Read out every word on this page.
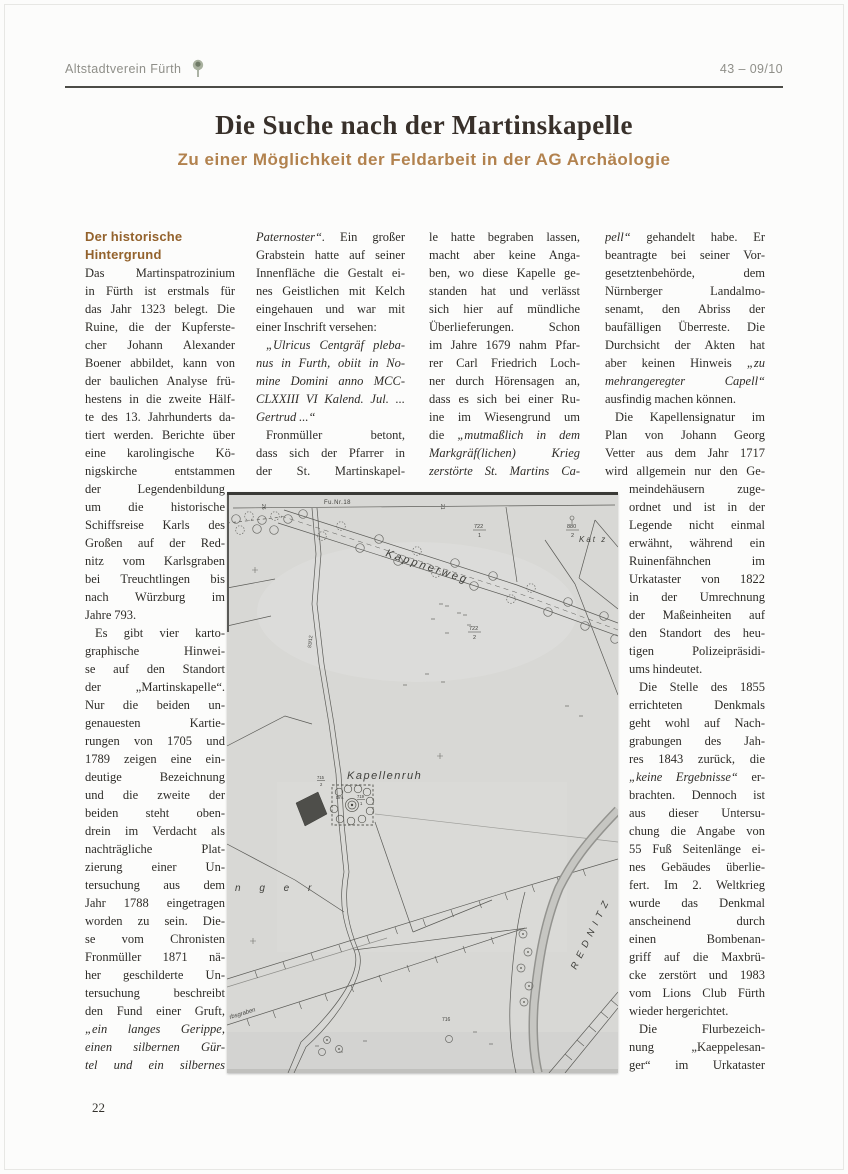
Altstadtverein Fürth	43 – 09/10
Die Suche nach der Martinskapelle
Zu einer Möglichkeit der Feldarbeit in der AG Archäologie
Der historische Hintergrund
Das Martinspatrozinium
in Fürth ist erstmals für
das Jahr 1323 belegt. Die
Ruine, die der Kupferste-
cher Johann Alexander
Boener abbildet, kann von
der baulichen Analyse frü-
hestens in die zweite Hälf-
te des 13. Jahrhunderts da-
tiert werden. Berichte über
eine karolingische Kö-
nigskirche entstammen
der Legendenbildung
um die historische
Schiffsreise Karls des
Großen auf der Red-
nitz vom Karlsgraben
bei Treuchtlingen bis
nach Würzburg im
Jahre 793.
Es gibt vier karto-
graphische Hinwei-
se auf den Standort
der „Martinskapelle“.
Nur die beiden un-
genauesten Kartie-
rungen von 1705 und
1789 zeigen eine ein-
deutige Bezeichnung
und die zweite der
beiden steht oben-
drein im Verdacht als
nachträgliche Plat-
zierung einer Un-
tersuchung aus dem
Jahr 1788 eingetragen
worden zu sein. Die-
se vom Chronisten
Fronmüller 1871 nä-
her geschilderte Un-
tersuchung beschreibt
den Fund einer Gruft,
„ein langes Gerippe,
einen silbernen Gür-
tel und ein silbernes
Paternoster“. Ein großer
Grabstein hatte auf seiner
Innenfläche die Gestalt ei-
nes Geistlichen mit Kelch
eingehauen und war mit
einer Inschrift versehen:
„Ulricus Centgräf pleba-
nus in Furth, obiit in No-
mine Domini anno MCC-
CLXXIII VI Kalend. Jul. ...
Gertrud ...“
Fronmüller betont,
dass sich der Pfarrer in
der St. Martinskapel-
le hatte begraben lassen,
macht aber keine Anga-
ben, wo diese Kapelle ge-
standen hat und verlässt
sich hier auf mündliche
Überlieferungen. Schon
im Jahre 1679 nahm Pfar-
rer Carl Friedrich Loch-
ner durch Hörensagen an,
dass es sich bei einer Ru-
ine im Wiesengrund um
die „mutmaßlich in dem
Markgräf(lichen) Krieg
zerstörte St. Martins Ca-
pell“ gehandelt habe. Er
beantragte bei seiner Vor-
gesetztenbehörde, dem
Nürnberger Landalmo-
senamt, den Abriss der
baufälligen Überreste. Die
Durchsicht der Akten hat
aber keinen Hinweis „zu
mehrangeregter Capell“
ausfindig machen können.
Die Kapellensignatur im
Plan von Johann Georg
Vetter aus dem Jahr 1717
wird allgemein nur den Ge-
meindehäusern zuge-
ordnet und ist in der
Legende nicht einmal
erwähnt, während ein
Ruinenfähnchen im
Urkataster von 1822
in der Umrechnung
der Maßeinheiten auf
den Standort des heu-
tigen Polizeipräsidi-
ums hindeutet.
Die Stelle des 1855
errichteten Denkmals
geht wohl auf Nach-
grabungen des Jah-
res 1843 zurück, die
„keine Ergebnisse“ er-
brachten. Dennoch ist
aus dieser Untersu-
chung die Angabe von
55 Fuß Seitenlänge ei-
nes Gebäudes überlie-
fert. Im 2. Weltkrieg
wurde das Denkmal
anscheinend durch
einen Bombenan-
griff auf die Maxbrü-
cke zerstört und 1983
vom Lions Club Fürth
wieder hergerichtet.
Die Flurbezeich-
nung „Kaeppelesan-
ger“ im Urkataster
Fu.Nr.18
26	21
Kappnerweg
Kat z
Kapellenruh
n g e r
rbsgraben
REDNITZ
Dm.
83/12
716
722
1
880
2
722
2
719
1
715
2
22
